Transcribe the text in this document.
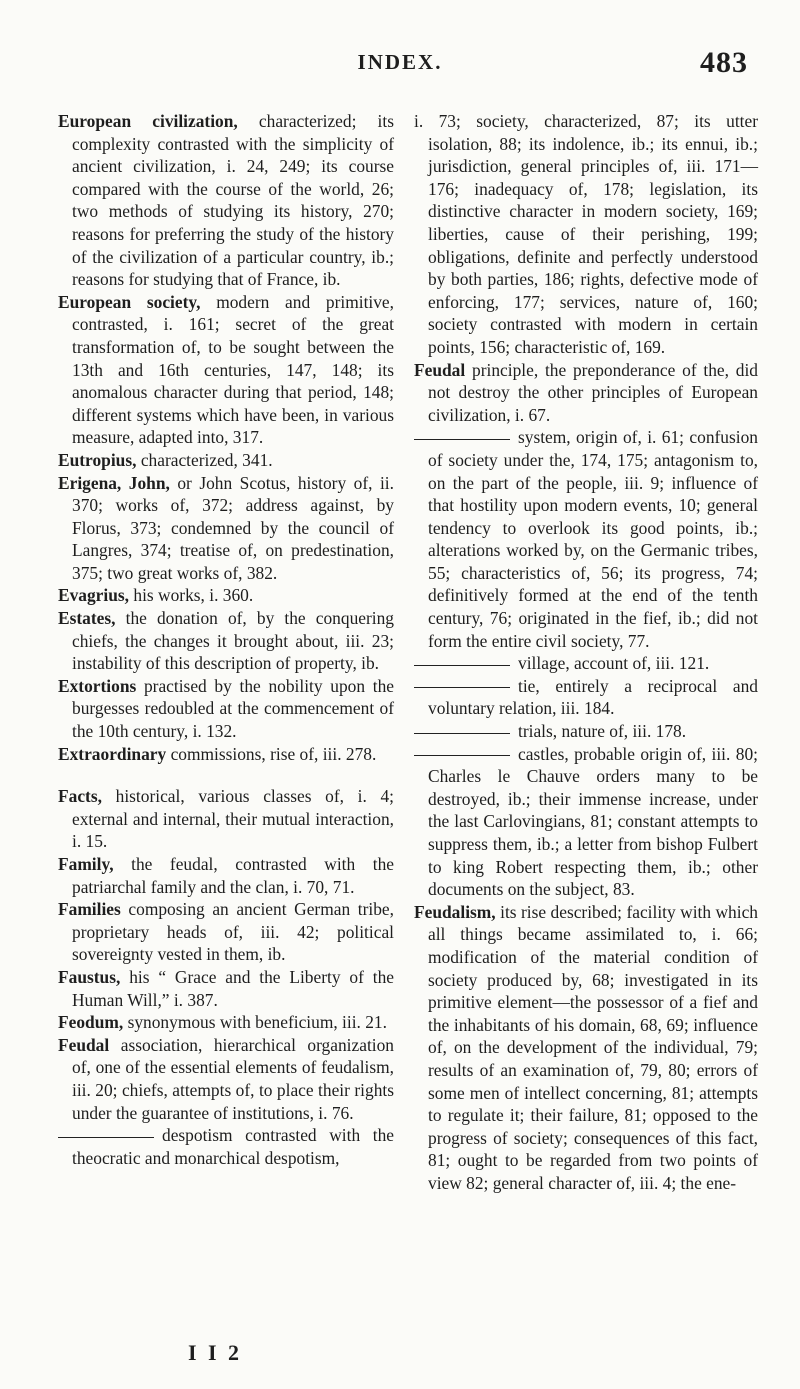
INDEX.	483

European civilization, characterized; its complexity contrasted with the simplicity of ancient civilization, i. 24, 249; its course compared with the course of the world, 26; two methods of studying its history, 270; reasons for preferring the study of the history of the civilization of a particular country, ib.; reasons for studying that of France, ib.

European society, modern and primitive, contrasted, i. 161; secret of the great transformation of, to be sought between the 13th and 16th centuries, 147, 148; its anomalous character during that period, 148; different systems which have been, in various measure, adapted into, 317.

Eutropius, characterized, 341.

Erigena, John, or John Scotus, history of, ii. 370; works of, 372; address against, by Florus, 373; condemned by the council of Langres, 374; treatise of, on predestination, 375; two great works of, 382.

Evagrius, his works, i. 360.

Estates, the donation of, by the conquering chiefs, the changes it brought about, iii. 23; instability of this description of property, ib.

Extortions practised by the nobility upon the burgesses redoubled at the commencement of the 10th century, i. 132.

Extraordinary commissions, rise of, iii. 278.

Facts, historical, various classes of, i. 4; external and internal, their mutual interaction, i. 15.

Family, the feudal, contrasted with the patriarchal family and the clan, i. 70, 71.

Families composing an ancient German tribe, proprietary heads of, iii. 42; political sovereignty vested in them, ib.

Faustus, his “ Grace and the Liberty of the Human Will,” i. 387.

Feodum, synonymous with beneficium, iii. 21.

Feudal association, hierarchical organization of, one of the essential elements of feudalism, iii. 20; chiefs, attempts of, to place their rights under the guarantee of institutions, i. 76.

despotism contrasted with the theocratic and monarchical despotism,

i. 73; society, characterized, 87; its utter isolation, 88; its indolence, ib.; its ennui, ib.; jurisdiction, general principles of, iii. 171—176; inadequacy of, 178; legislation, its distinctive character in modern society, 169; liberties, cause of their perishing, 199; obligations, definite and perfectly understood by both parties, 186; rights, defective mode of enforcing, 177; services, nature of, 160; society contrasted with modern in certain points, 156; characteristic of, 169.

Feudal principle, the preponderance of the, did not destroy the other principles of European civilization, i. 67.

system, origin of, i. 61; confusion of society under the, 174, 175; antagonism to, on the part of the people, iii. 9; influence of that hostility upon modern events, 10; general tendency to overlook its good points, ib.; alterations worked by, on the Germanic tribes, 55; characteristics of, 56; its progress, 74; definitively formed at the end of the tenth century, 76; originated in the fief, ib.; did not form the entire civil society, 77.

village, account of, iii. 121.

tie, entirely a reciprocal and voluntary relation, iii. 184.

trials, nature of, iii. 178.

castles, probable origin of, iii. 80; Charles le Chauve orders many to be destroyed, ib.; their immense increase, under the last Carlovingians, 81; constant attempts to suppress them, ib.; a letter from bishop Fulbert to king Robert respecting them, ib.; other documents on the subject, 83.

Feudalism, its rise described; facility with which all things became assimilated to, i. 66; modification of the material condition of society produced by, 68; investigated in its primitive element—the possessor of a fief and the inhabitants of his domain, 68, 69; influence of, on the development of the individual, 79; results of an examination of, 79, 80; errors of some men of intellect concerning, 81; attempts to regulate it; their failure, 81; opposed to the progress of society; consequences of this fact, 81; ought to be regarded from two points of view 82; general character of, iii. 4; the ene-

I I 2
